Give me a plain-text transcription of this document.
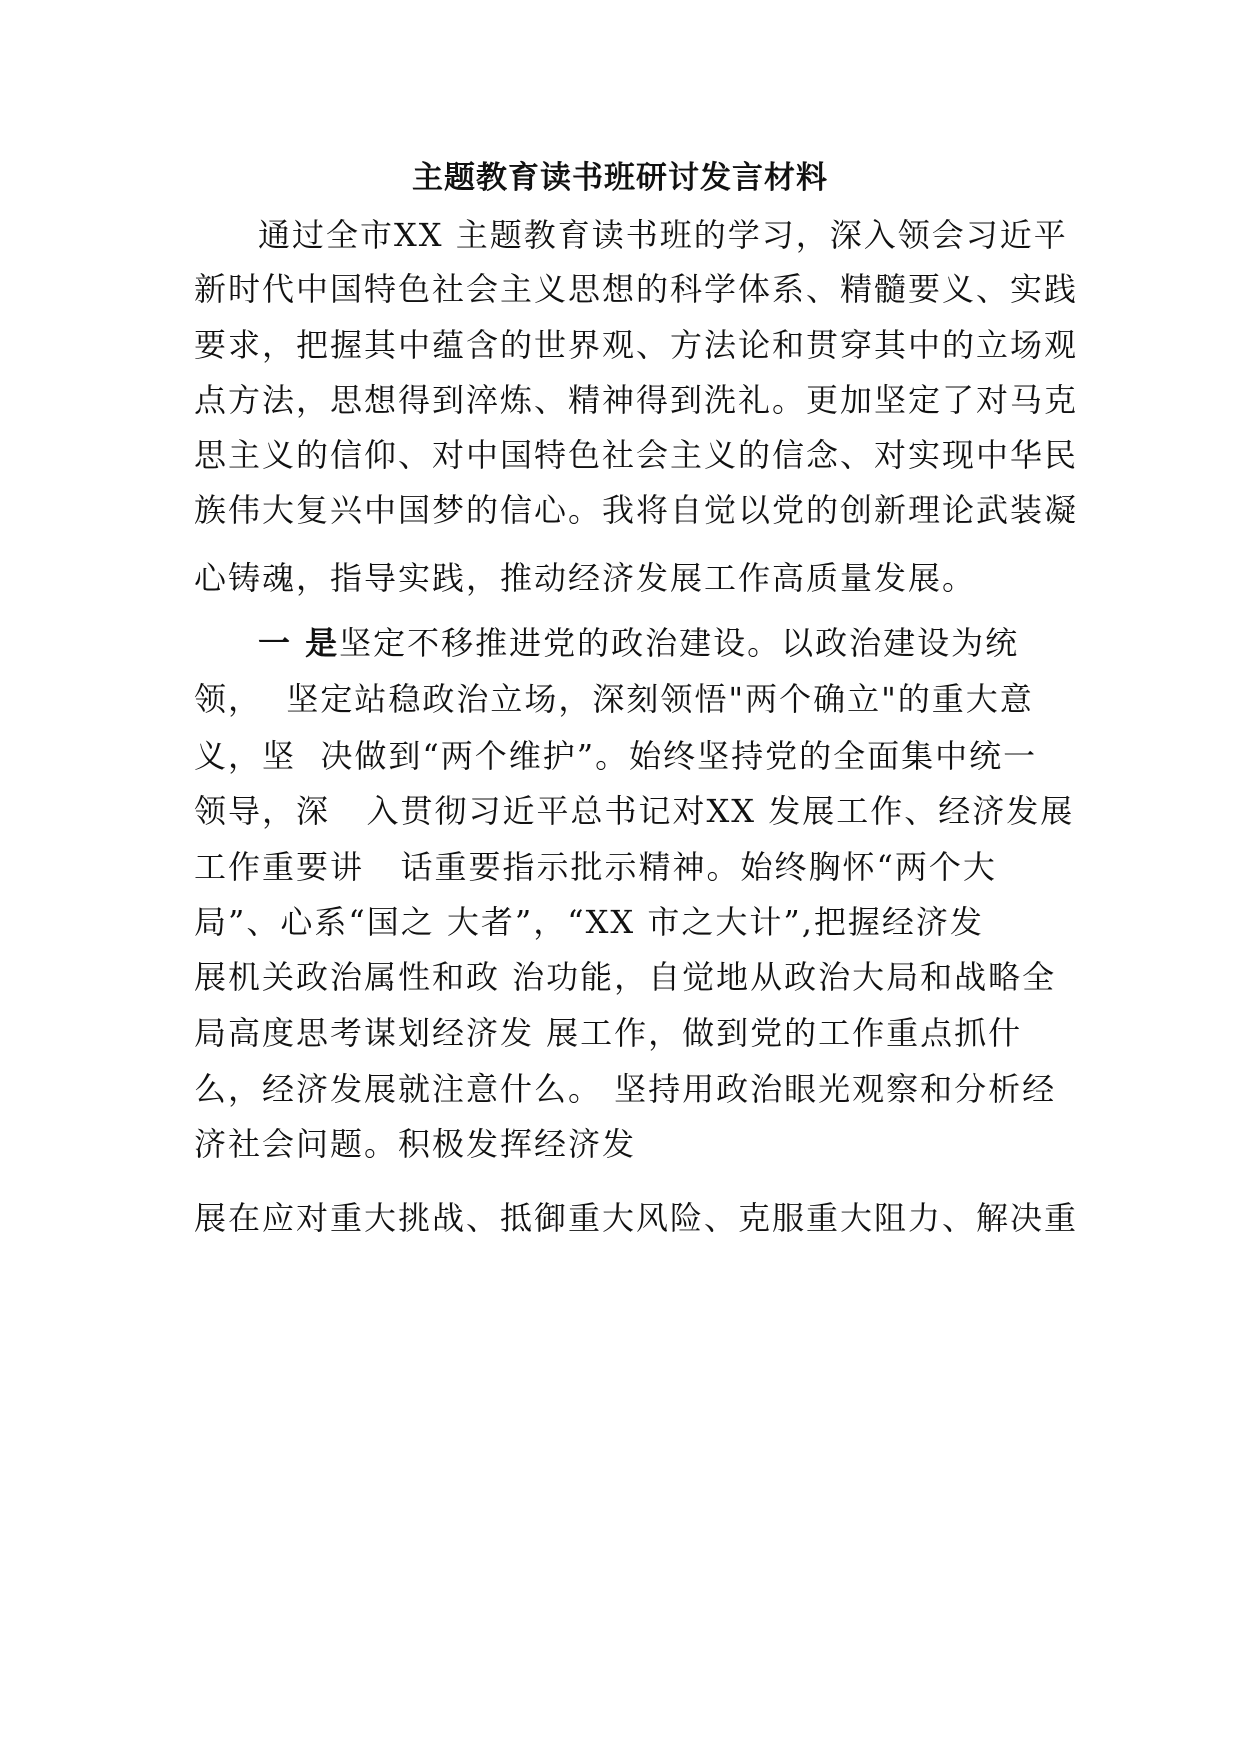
主题教育读书班研讨发言材料
通过全市XX 主题教育读书班的学习，深入领会习近平
新时代中国特色社会主义思想的科学体系、精髓要义、实践
要求，把握其中蕴含的世界观、方法论和贯穿其中的立场观
点方法，思想得到淬炼、精神得到洗礼。更加坚定了对马克
思主义的信仰、对中国特色社会主义的信念、对实现中华民
族伟大复兴中国梦的信心。我将自觉以党的创新理论武装凝
心铸魂，指导实践，推动经济发展工作高质量发展。
一 是坚定不移推进党的政治建设。以政治建设为统
领，  坚定站稳政治立场，深刻领悟"两个确立"的重大意
义，坚  决做到“两个维护”。始终坚持党的全面集中统一
领导，深   入贯彻习近平总书记对XX 发展工作、经济发展
工作重要讲   话重要指示批示精神。始终胸怀“两个大
局”、心系“国之 大者”，“XX 市之大计”,把握经济发
展机关政治属性和政 治功能，自觉地从政治大局和战略全
局高度思考谋划经济发 展工作，做到党的工作重点抓什
么，经济发展就注意什么。 坚持用政治眼光观察和分析经
济社会问题。积极发挥经济发
展在应对重大挑战、抵御重大风险、克服重大阻力、解决重
